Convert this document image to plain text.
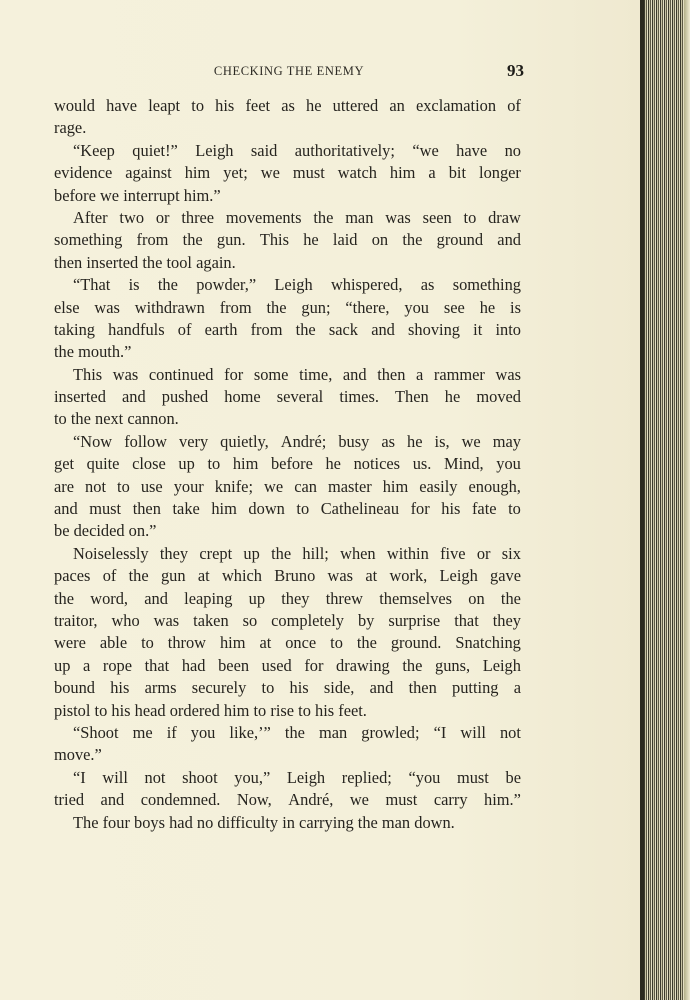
CHECKING THE ENEMY	93
would have leapt to his feet as he uttered an exclamation of
rage.
“Keep quiet!” Leigh said authoritatively; “we have no
evidence against him yet; we must watch him a bit longer
before
we
interrupt
him.”
After two or three movements the man was seen to draw
something from the gun. This he laid on the ground and
then
inserted
the
tool
again.
“That is the powder,” Leigh whispered, as something
else was withdrawn from the gun; “there, you see he is
taking handfuls of earth from the sack and shoving it into
the
mouth.”
This was continued for some time, and then a rammer was
inserted and pushed home several times. Then he moved
to
the
next
cannon.
“Now follow very quietly, André; busy as he is, we may
get quite close up to him before he notices us. Mind, you
are not to use your knife; we can master him easily enough,
and must then take him down to Cathelineau for his fate to
be
decided
on.”
Noiselessly they crept up the hill; when within five or six
paces of the gun at which Bruno was at work, Leigh gave
the word, and leaping up they threw themselves on the
traitor, who was taken so completely by surprise that they
were able to throw him at once to the ground. Snatching
up a rope that had been used for drawing the guns, Leigh
bound his arms securely to his side, and then putting a
pistol
to
his
head
ordered
him
to
rise
to
his
feet.
“Shoot me if you like,’” the man growled; “I will not
move.”
“I will not shoot you,” Leigh replied; “you must be
tried and condemned. Now, André, we must carry him.”
The
four
boys
had
no
difficulty
in
carrying
the
man
down.
